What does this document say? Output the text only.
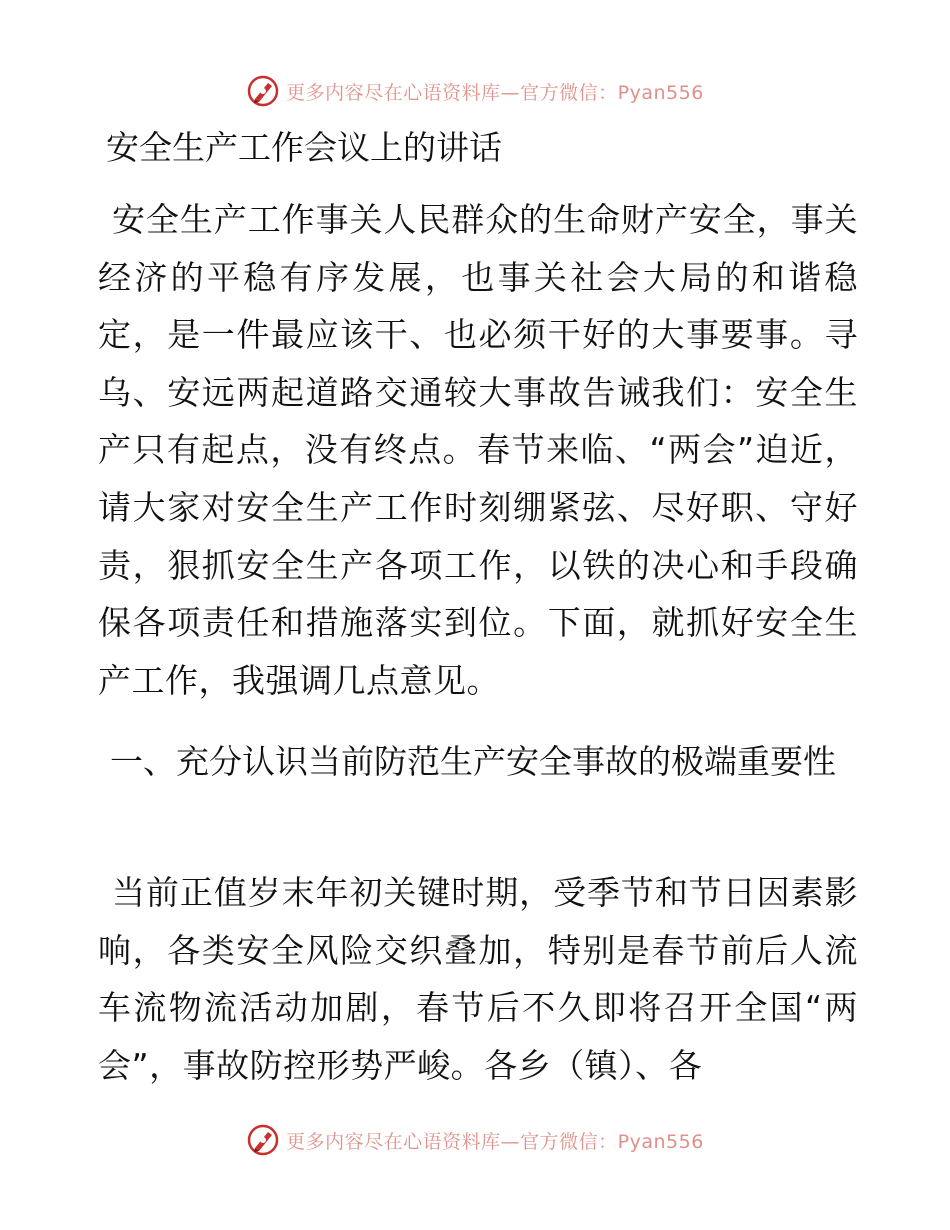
更多内容尽在心语资料库—官方微信：Pyan556
安全生产工作会议上的讲话

安全生产工作事关人民群众的生命财产安全，事关经济的平稳有序发展，也事关社会大局的和谐稳定，是一件最应该干、也必须干好的大事要事。寻乌、安远两起道路交通较大事故告诫我们：安全生产只有起点，没有终点。春节来临、“两会”迫近，请大家对安全生产工作时刻绷紧弦、尽好职、守好责，狠抓安全生产各项工作，以铁的决心和手段确保各项责任和措施落实到位。下面，就抓好安全生产工作，我强调几点意见。

一、充分认识当前防范生产安全事故的极端重要性

当前正值岁末年初关键时期，受季节和节日因素影响，各类安全风险交织叠加，特别是春节前后人流车流物流活动加剧，春节后不久即将召开全国“两会”，事故防控形势严峻。各乡（镇）、各

更多内容尽在心语资料库—官方微信：Pyan556
